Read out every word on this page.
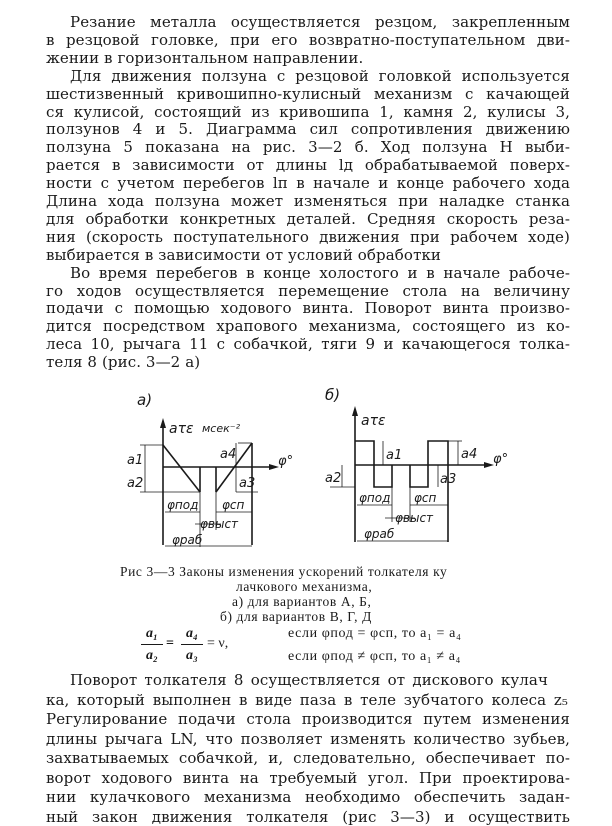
Резание металла осуществляется резцом, закрепленным
в резцовой головке, при его возвратно-поступательном дви-
жении в горизонтальном направлении.
Для движения ползуна с резцовой головкой используется
шестизвенный кривошипно-кулисный механизм с качающей
ся кулисой, состоящий из кривошипа 1, камня 2, кулисы 3,
ползунов 4 и 5. Диаграмма сил сопротивления движению
ползуна 5 показана на рис. 3—2 б. Ход ползуна H выби-
рается в зависимости от длины lд обрабатываемой поверх-
ности с учетом перебегов lп в начале и конце рабочего хода
Длина хода ползуна может изменяться при наладке станка
для обработки конкретных деталей. Средняя скорость реза-
ния (скорость поступательного движения при рабочем ходе)
выбирается в зависимости от условий обработки
Во время перебегов в конце холостого и в начале рабоче-
го ходов осуществляется перемещение стола на величину
подачи с помощью ходового винта. Поворот винта произво-
дится посредством храпового механизма, состоящего из ко-
леса 10, рычага 11 с собачкой, тяги 9 и качающегося толка-
теля 8 (рис. 3—2 а)
а)
aτε мсек⁻²
φ°
a1
a2	a3
a4
φпод φсп
φвыст
φраб
б)
aτε
φ°
a1
a2	a3
a4
φпод φсп
φвыст
φраб
Рис 3—3 Законы изменения ускорений толкателя ку
лачкового механизма,
а) для вариантов А, Б,
б) для вариантов В, Г, Д
a₁
a₂
=
a₄
a₃
= ν,
если φпод = φсп, то a₁ = a₄
если φпод ≠ φсп, то a₁ ≠ a₄
Поворот толкателя 8 осуществляется от дискового кулач
ка, который выполнен в виде паза в теле зубчатого колеса z₅
Регулирование подачи стола производится путем изменения
длины рычага LN, что позволяет изменять количество зубьев,
захватываемых собачкой, и, следовательно, обеспечивает по-
ворот ходового винта на требуемый угол. При проектирова-
нии кулачкового механизма необходимо обеспечить задан-
ный закон движения толкателя (рис 3—3) и осуществить
